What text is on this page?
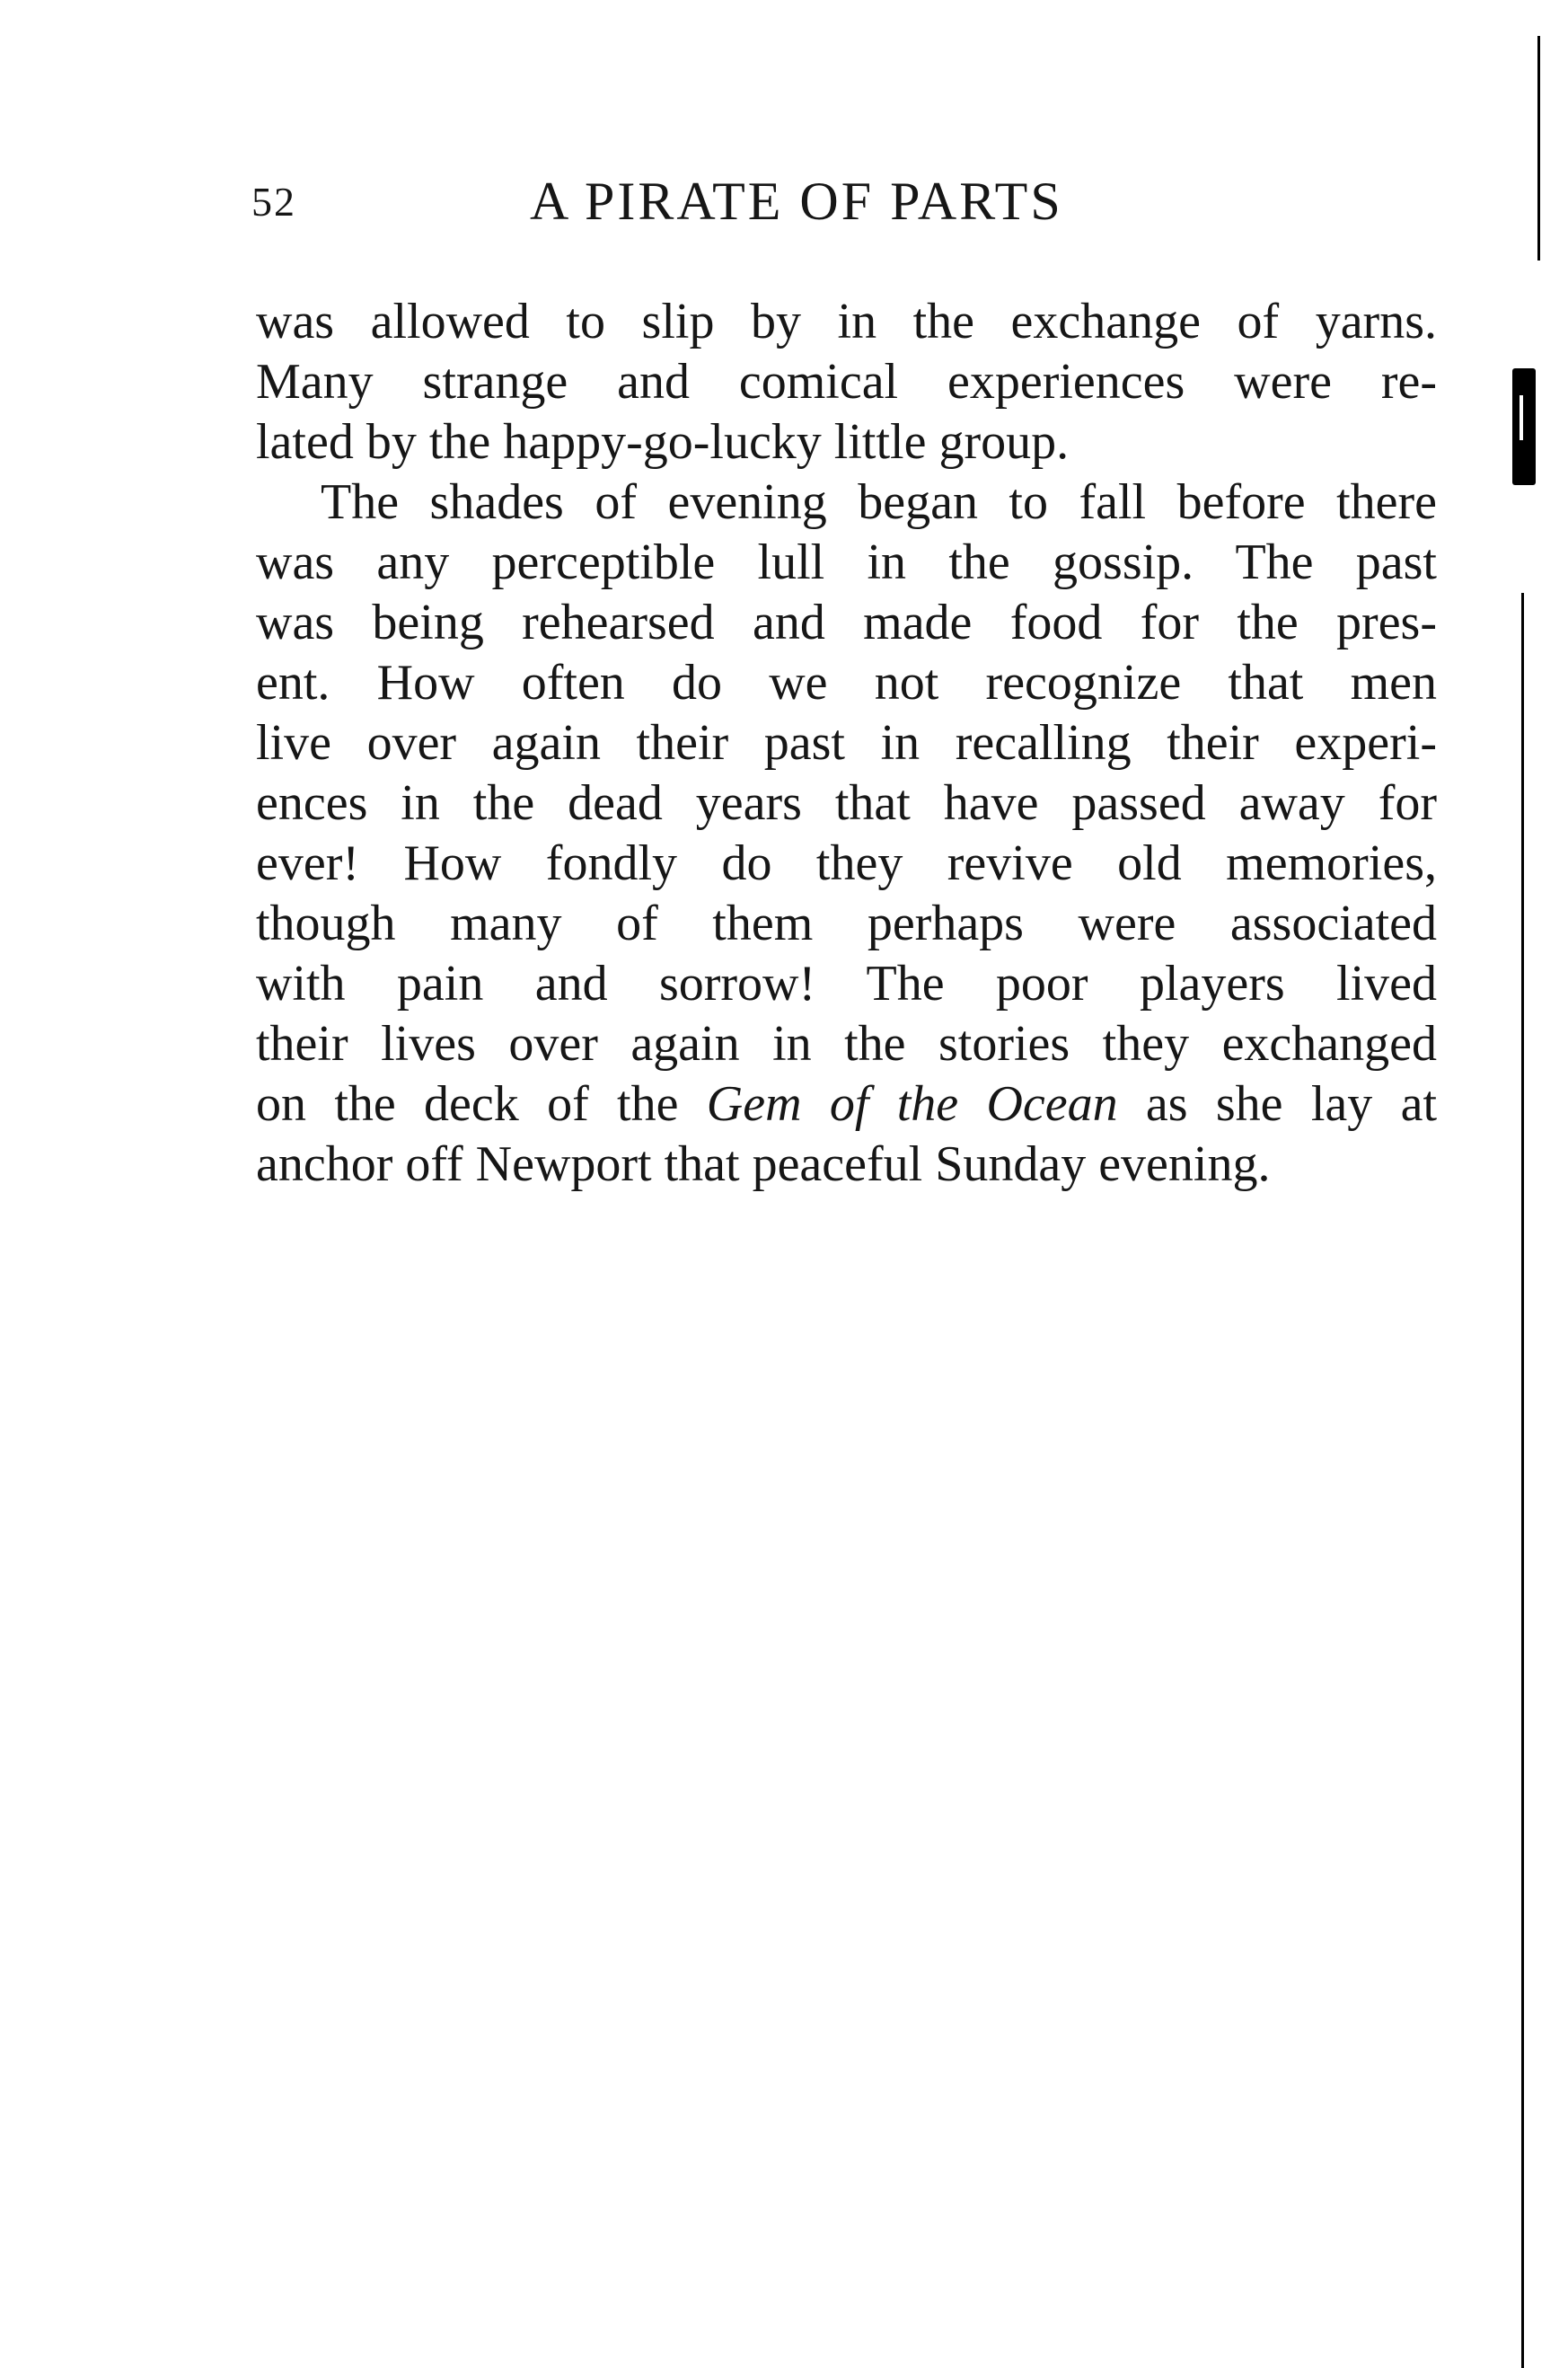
52	A PIRATE OF PARTS
was allowed to slip by in the exchange of yarns.
Many strange and comical experiences were re-
lated by the happy-go-lucky little group.
The shades of evening began to fall before there
was any perceptible lull in the gossip. The past
was being rehearsed and made food for the pres-
ent. How often do we not recognize that men
live over again their past in recalling their experi-
ences in the dead years that have passed away for
ever! How fondly do they revive old memories,
though many of them perhaps were associated
with pain and sorrow! The poor players lived
their lives over again in the stories they exchanged
on the deck of the Gem of the Ocean as she lay at
anchor off Newport that peaceful Sunday evening.
